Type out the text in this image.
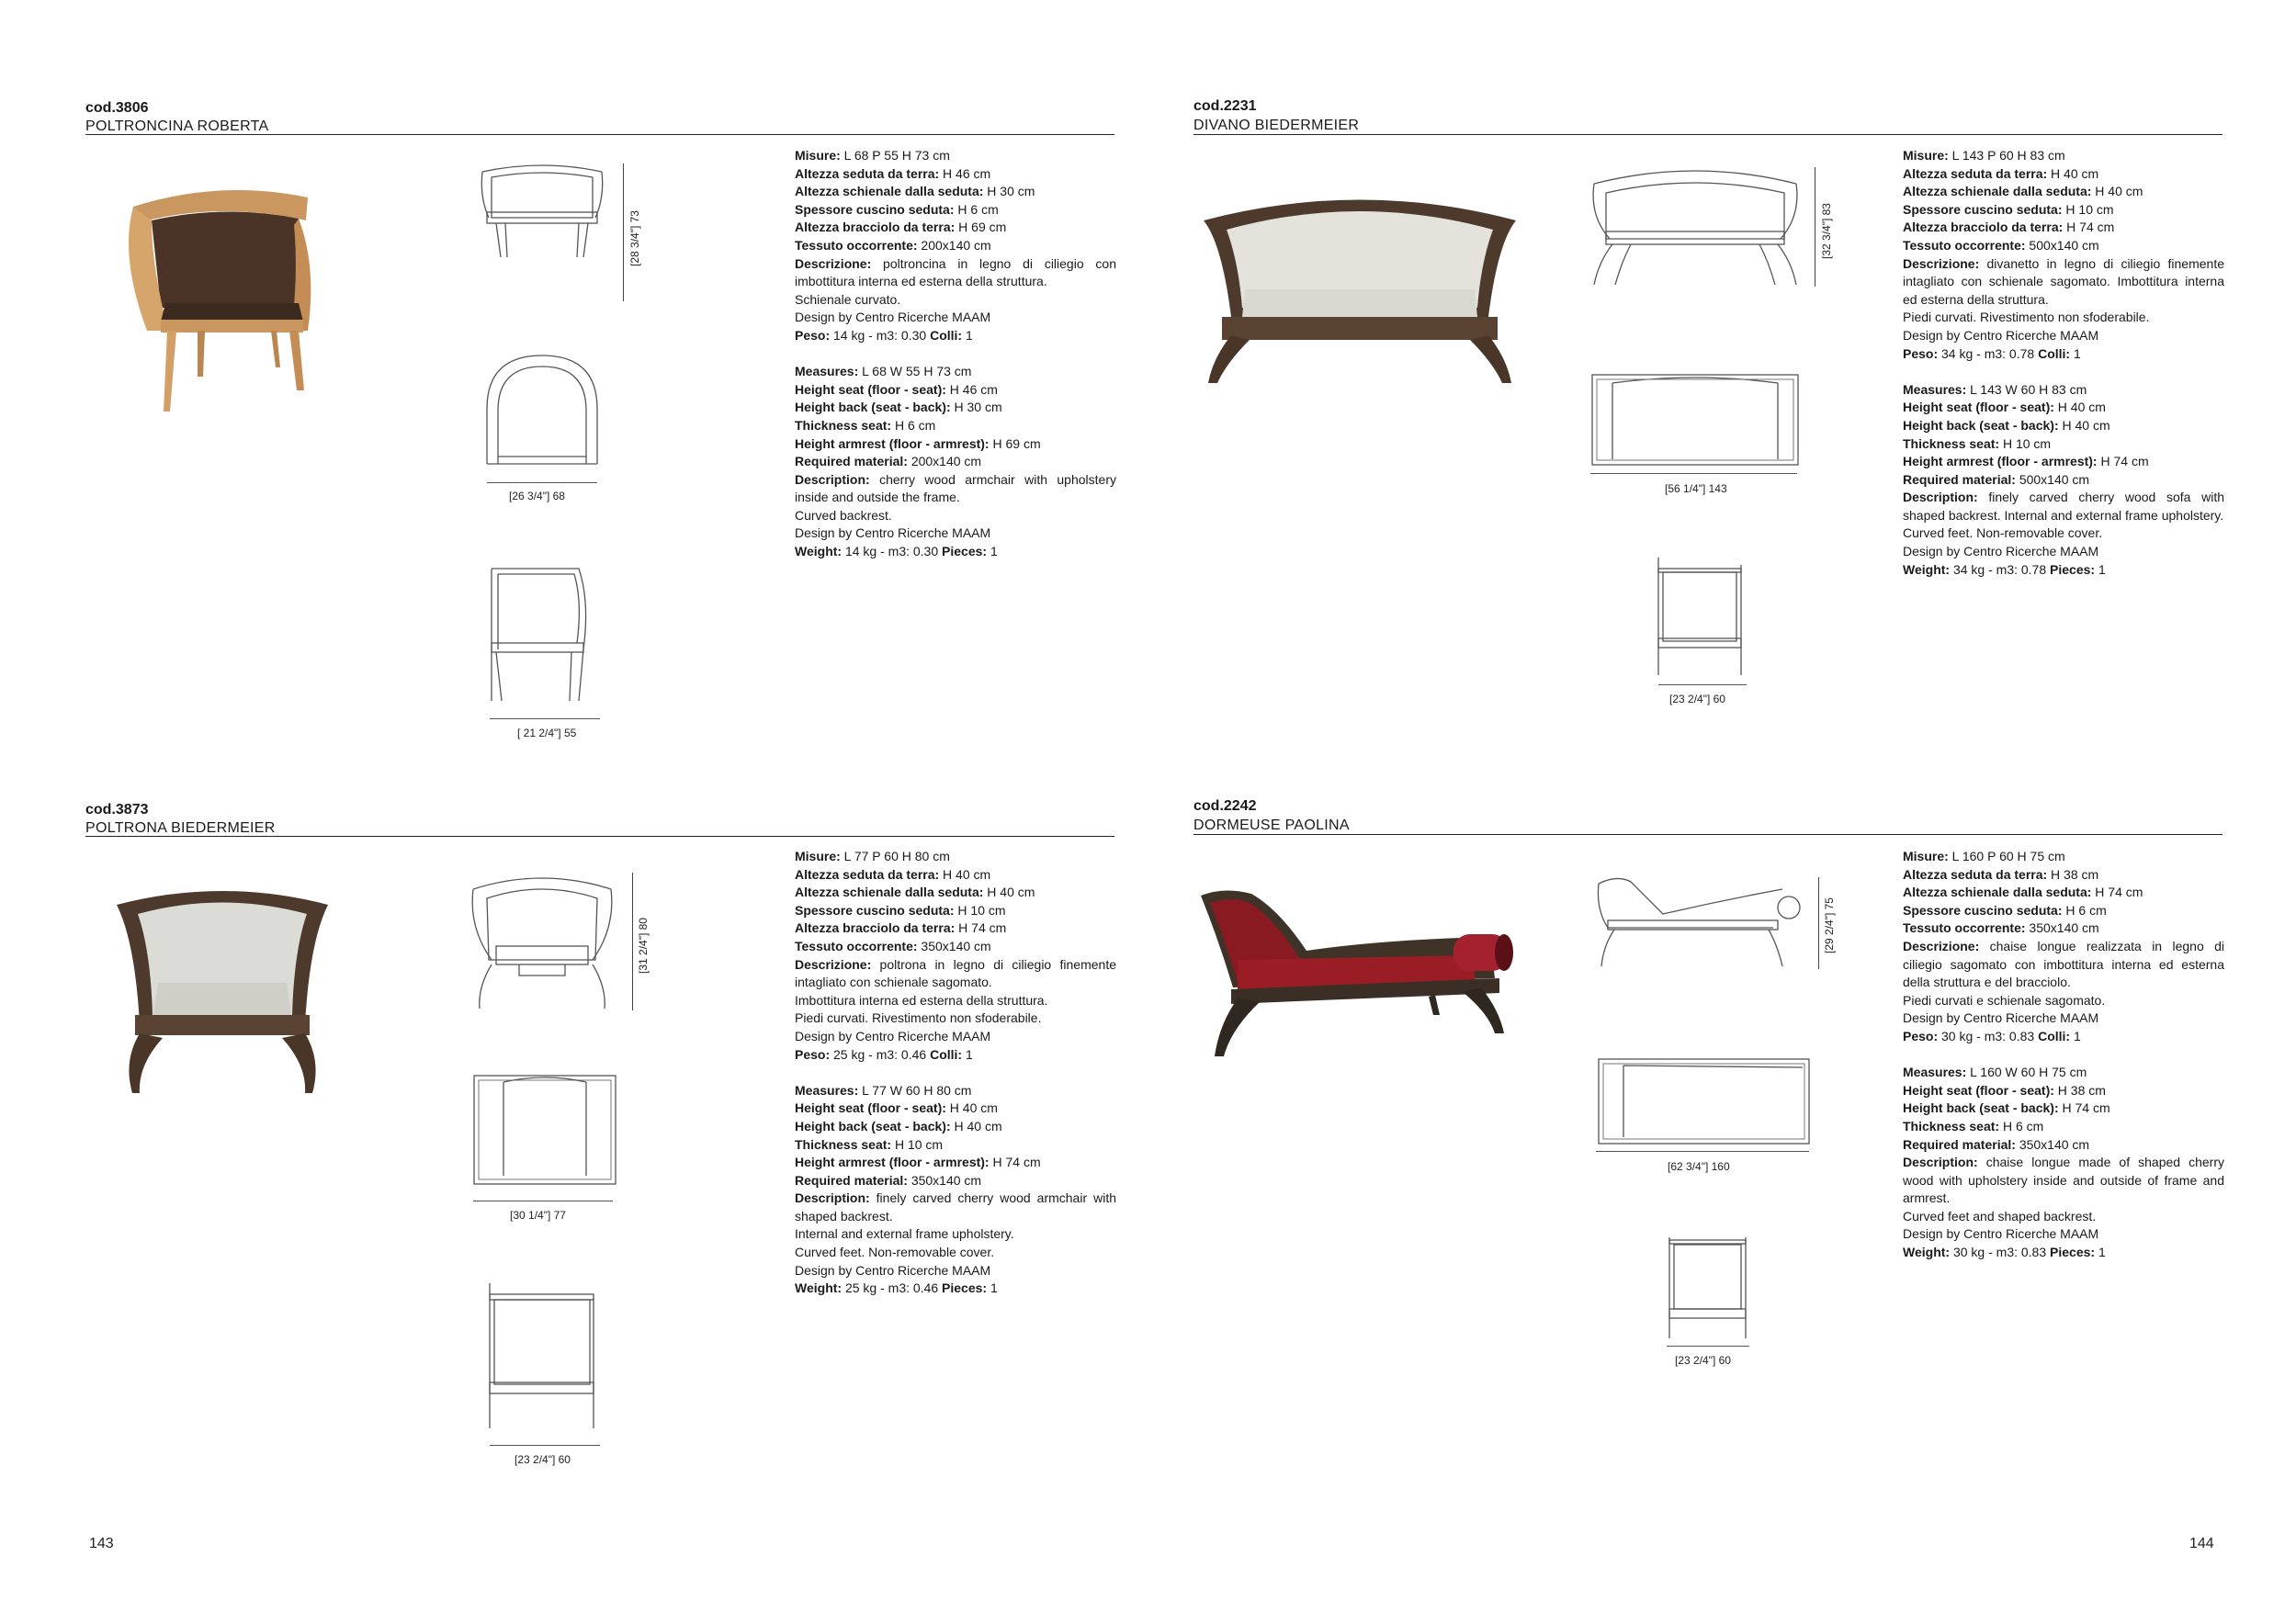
cod.3806
POLTRONCINA ROBERTA
[28 3/4"] 73
[26 3/4"] 68
[ 21 2/4"] 55

Misure: L 68 P 55 H 73 cm

Altezza seduta da terra: H 46 cm

Altezza schienale dalla seduta: H 30 cm

Spessore cuscino seduta: H 6 cm

Altezza bracciolo da terra: H 69 cm

Tessuto occorrente: 200x140 cm

Descrizione: poltroncina in legno di ciliegio con imbottitura interna ed esterna della struttura.

Schienale curvato.

Design by Centro Ricerche MAAM

Peso: 14 kg - m3: 0.30 Colli: 1

Measures: L 68 W 55 H 73 cm

Height seat (floor - seat): H 46 cm

Height back (seat - back): H 30 cm

Thickness seat: H 6 cm

Height armrest (floor - armrest): H 69 cm

Required material: 200x140 cm

Description: cherry wood armchair with upholstery inside and outside the frame.

Curved backrest.

Design by Centro Ricerche MAAM

Weight: 14 kg - m3: 0.30 Pieces: 1

cod.2231
DIVANO BIEDERMEIER
[32 3/4"] 83
[56 1/4"] 143
[23 2/4"] 60

Misure: L 143 P 60 H 83 cm

Altezza seduta da terra: H 40 cm

Altezza schienale dalla seduta: H 40 cm

Spessore cuscino seduta: H 10 cm

Altezza bracciolo da terra: H 74 cm

Tessuto occorrente: 500x140 cm

Descrizione: divanetto in legno di ciliegio finemente intagliato con schienale sagomato. Imbottitura interna ed esterna della struttura.

Piedi curvati. Rivestimento non sfoderabile.

Design by Centro Ricerche MAAM

Peso: 34 kg - m3: 0.78 Colli: 1

Measures: L 143 W 60 H 83 cm

Height seat (floor - seat): H 40 cm

Height back (seat - back): H 40 cm

Thickness seat: H 10 cm

Height armrest (floor - armrest): H 74 cm

Required material: 500x140 cm

Description: finely carved cherry wood sofa with shaped backrest. Internal and external frame upholstery.

Curved feet. Non-removable cover.

Design by Centro Ricerche MAAM

Weight: 34 kg - m3: 0.78 Pieces: 1

cod.3873
POLTRONA BIEDERMEIER
[31 2/4"] 80
[30 1/4"] 77
[23 2/4"] 60

Misure: L 77 P 60 H 80 cm

Altezza seduta da terra: H 40 cm

Altezza schienale dalla seduta: H 40 cm

Spessore cuscino seduta: H 10 cm

Altezza bracciolo da terra: H 74 cm

Tessuto occorrente: 350x140 cm

Descrizione: poltrona in legno di ciliegio finemente intagliato con schienale sagomato.

Imbottitura interna ed esterna della struttura.

Piedi curvati. Rivestimento non sfoderabile.

Design by Centro Ricerche MAAM

Peso: 25 kg - m3: 0.46 Colli: 1

Measures: L 77 W 60 H 80 cm

Height seat (floor - seat): H 40 cm

Height back (seat - back): H 40 cm

Thickness seat: H 10 cm

Height armrest (floor - armrest): H 74 cm

Required material: 350x140 cm

Description: finely carved cherry wood armchair with shaped backrest.

Internal and external frame upholstery.

Curved feet. Non-removable cover.

Design by Centro Ricerche MAAM

Weight: 25 kg - m3: 0.46 Pieces: 1

cod.2242
DORMEUSE PAOLINA
[29 2/4"] 75
[62 3/4"] 160
[23 2/4"] 60

Misure: L 160 P 60 H 75 cm

Altezza seduta da terra: H 38 cm

Altezza schienale dalla seduta: H 74 cm

Spessore cuscino seduta: H 6 cm

Tessuto occorrente: 350x140 cm

Descrizione: chaise longue realizzata in legno di ciliegio sagomato con imbottitura interna ed esterna della struttura e del bracciolo.

Piedi curvati e schienale sagomato.

Design by Centro Ricerche MAAM

Peso: 30 kg - m3: 0.83 Colli: 1

Measures: L 160 W 60 H 75 cm

Height seat (floor - seat): H 38 cm

Height back (seat - back): H 74 cm

Thickness seat: H 6 cm

Required material: 350x140 cm

Description: chaise longue made of shaped cherry wood with upholstery inside and outside of frame and armrest.

Curved feet and shaped backrest.

Design by Centro Ricerche MAAM

Weight: 30 kg - m3: 0.83 Pieces: 1

143	144
